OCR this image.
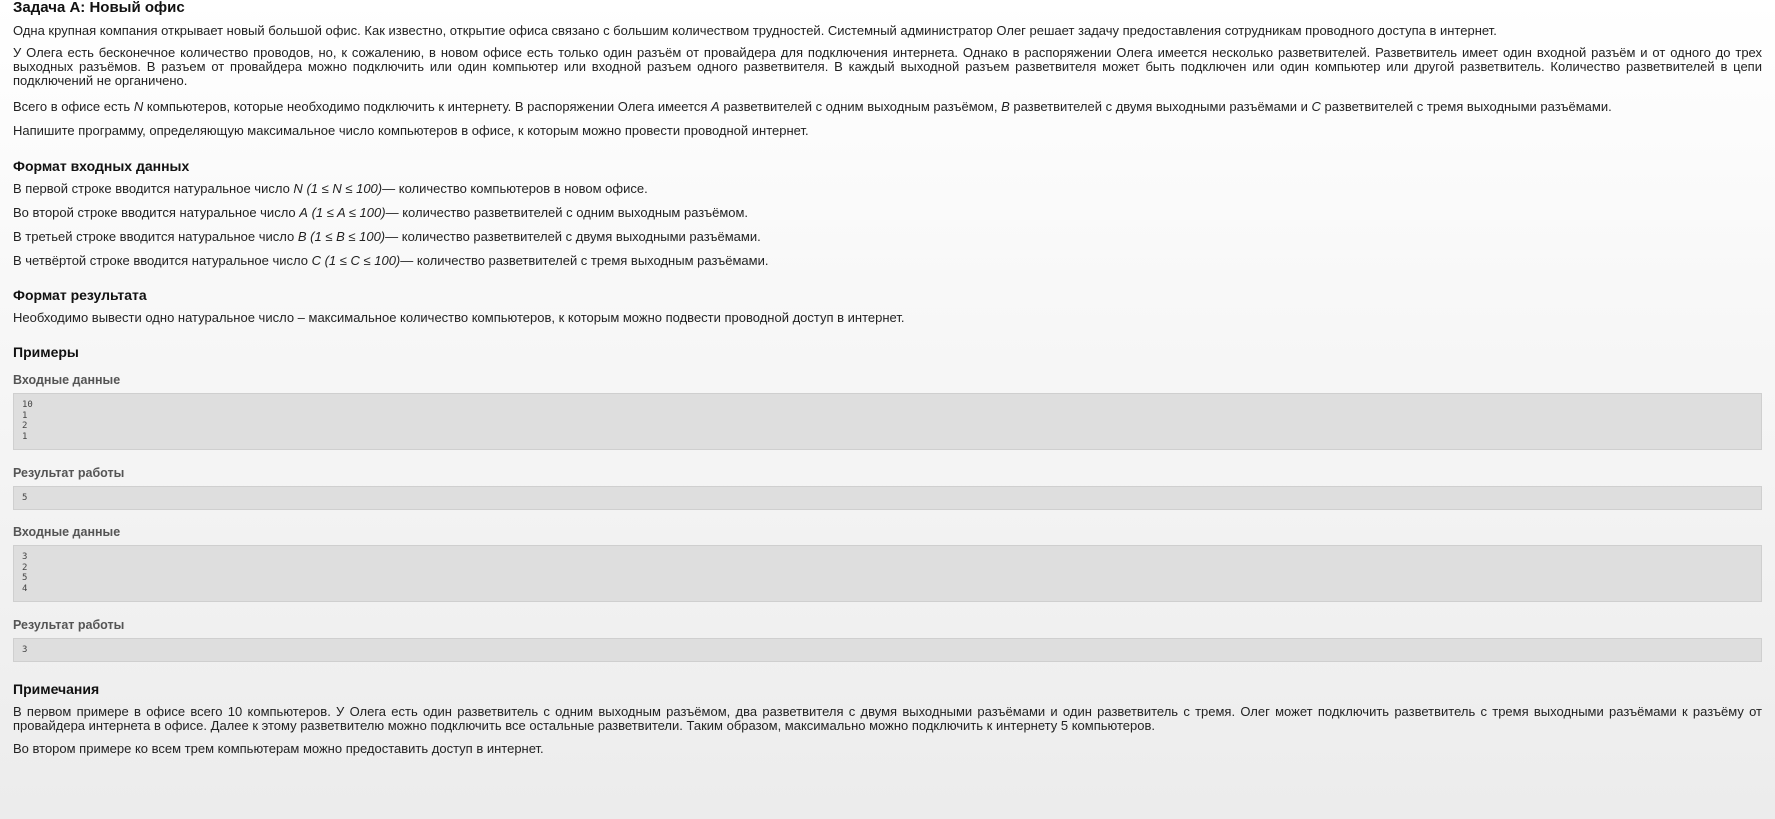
Задача A: Новый офис

Одна крупная компания открывает новый большой офис. Как известно, открытие офиса связано с большим количеством трудностей. Системный администратор Олег решает задачу предоставления сотрудникам проводного доступа в интернет.

У Олега есть бесконечное количество проводов, но, к сожалению, в новом офисе есть только один разъём от провайдера для подключения интернета. Однако в распоряжении Олега имеется несколько разветвителей. Разветвитель имеет один входной разъём и от одного до трех выходных разъёмов. В разъем от провайдера можно подключить или один компьютер или входной разъем одного разветвителя. В каждый выходной разъем разветвителя может быть подключен или один компьютер или другой разветвитель. Количество разветвителей в цепи подключений не органичено.

Всего в офисе есть N компьютеров, которые необходимо подключить к интернету. В распоряжении Олега имеется A разветвителей с одним выходным разъёмом, B разветвителей с двумя выходными разъёмами и C разветвителей с тремя выходными разъёмами.

Напишите программу, определяющую максимальное число компьютеров в офисе, к которым можно провести проводной интернет.

Формат входных данных

В первой строке вводится натуральное число N (1 ≤ N ≤ 100)— количество компьютеров в новом офисе.

Во второй строке вводится натуральное число A (1 ≤ A ≤ 100)— количество разветвителей с одним выходным разъёмом.

В третьей строке вводится натуральное число B (1 ≤ B ≤ 100)— количество разветвителей с двумя выходными разъёмами.

В четвёртой строке вводится натуральное число C (1 ≤ C ≤ 100)— количество разветвителей с тремя выходным разъёмами.

Формат результата

Необходимо вывести одно натуральное число – максимальное количество компьютеров, к которым можно подвести проводной доступ в интернет.

Примеры
Входные данные
10
1
2
1
Результат работы
5
Входные данные
3
2
5
4
Результат работы
3
Примечания

В первом примере в офисе всего 10 компьютеров. У Олега есть один разветвитель с одним выходным разъёмом, два разветвителя с двумя выходными разъёмами и один разветвитель с тремя. Олег может подключить разветвитель с тремя выходными разъёмами к разъёму от провайдера интернета в офисе. Далее к этому разветвителю можно подключить все остальные разветвители. Таким образом, максимально можно подключить к интернету 5 компьютеров.

Во втором примере ко всем трем компьютерам можно предоставить доступ в интернет.
